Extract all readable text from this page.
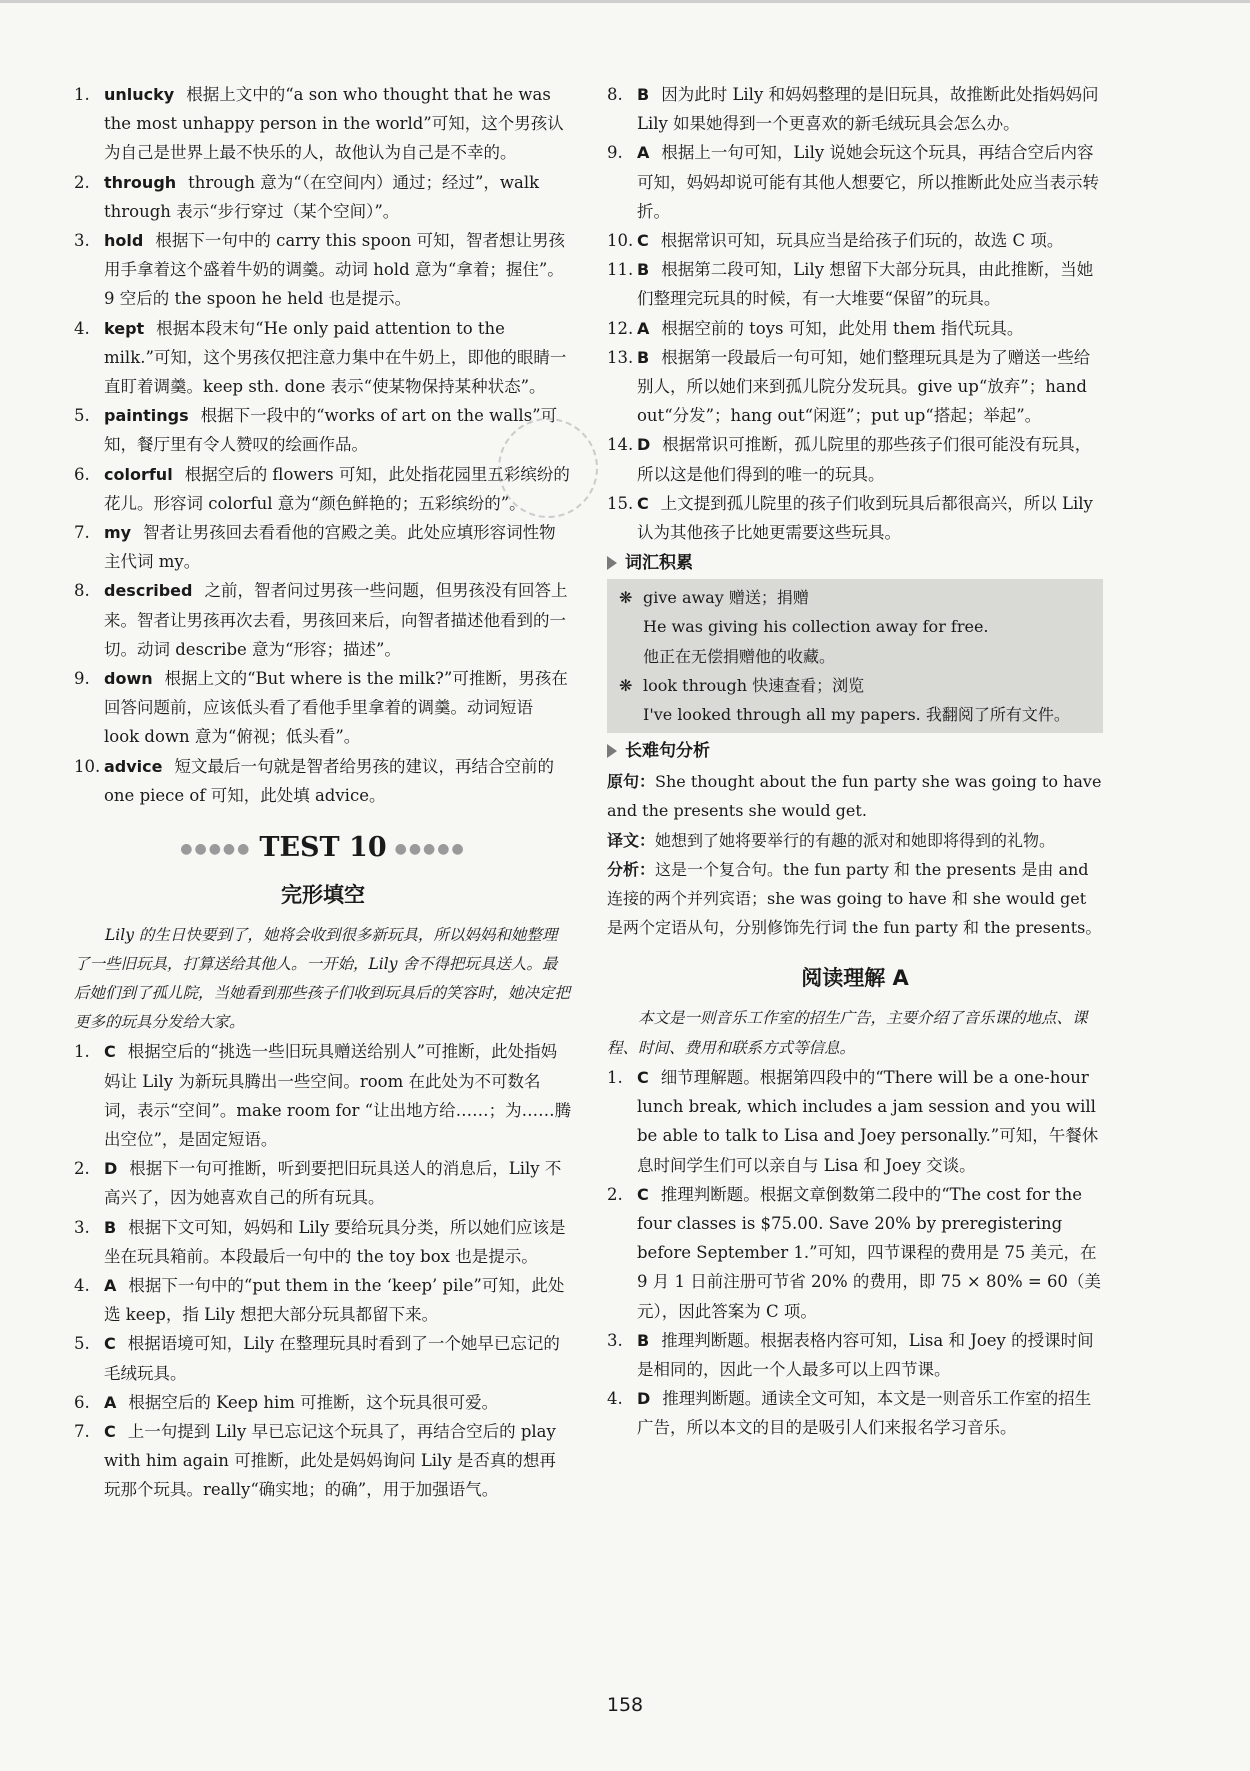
1. unlucky 根据上文中的“a son who thought that he was the most unhappy person in the world”可知，这个男孩认为自己是世界上最不快乐的人，故他认为自己是不幸的。

2. through through 意为“（在空间内）通过；经过”，walk through 表示“步行穿过（某个空间）”。

3. hold 根据下一句中的 carry this spoon 可知，智者想让男孩用手拿着这个盛着牛奶的调羹。动词 hold 意为“拿着；握住”。9 空后的 the spoon he held 也是提示。

4. kept 根据本段末句“He only paid attention to the milk.”可知，这个男孩仅把注意力集中在牛奶上，即他的眼睛一直盯着调羹。keep sth. done 表示“使某物保持某种状态”。

5. paintings 根据下一段中的“works of art on the walls”可知，餐厅里有令人赞叹的绘画作品。

6. colorful 根据空后的 flowers 可知，此处指花园里五彩缤纷的花儿。形容词 colorful 意为“颜色鲜艳的；五彩缤纷的”。

7. my 智者让男孩回去看看他的宫殿之美。此处应填形容词性物主代词 my。

8. described 之前，智者问过男孩一些问题，但男孩没有回答上来。智者让男孩再次去看，男孩回来后，向智者描述他看到的一切。动词 describe 意为“形容；描述”。

9. down 根据上文的“But where is the milk?”可推断，男孩在回答问题前，应该低头看了看他手里拿着的调羹。动词短语 look down 意为“俯视；低头看”。

10. advice 短文最后一句就是智者给男孩的建议，再结合空前的 one piece of 可知，此处填 advice。

●●●●● TEST 10 ●●●●●
完形填空

Lily 的生日快要到了，她将会收到很多新玩具，所以妈妈和她整理了一些旧玩具，打算送给其他人。一开始，Lily 舍不得把玩具送人。最后她们到了孤儿院，当她看到那些孩子们收到玩具后的笑容时，她决定把更多的玩具分发给大家。

1. C 根据空后的“挑选一些旧玩具赠送给别人”可推断，此处指妈妈让 Lily 为新玩具腾出一些空间。room 在此处为不可数名词，表示“空间”。make room for “让出地方给……；为……腾出空位”，是固定短语。

2. D 根据下一句可推断，听到要把旧玩具送人的消息后，Lily 不高兴了，因为她喜欢自己的所有玩具。

3. B 根据下文可知，妈妈和 Lily 要给玩具分类，所以她们应该是坐在玩具箱前。本段最后一句中的 the toy box 也是提示。

4. A 根据下一句中的“put them in the ‘keep’ pile”可知，此处选 keep，指 Lily 想把大部分玩具都留下来。

5. C 根据语境可知，Lily 在整理玩具时看到了一个她早已忘记的毛绒玩具。

6. A 根据空后的 Keep him 可推断，这个玩具很可爱。

7. C 上一句提到 Lily 早已忘记这个玩具了，再结合空后的 play with him again 可推断，此处是妈妈询问 Lily 是否真的想再玩那个玩具。really“确实地；的确”，用于加强语气。

8. B 因为此时 Lily 和妈妈整理的是旧玩具，故推断此处指妈妈问 Lily 如果她得到一个更喜欢的新毛绒玩具会怎么办。

9. A 根据上一句可知，Lily 说她会玩这个玩具，再结合空后内容可知，妈妈却说可能有其他人想要它，所以推断此处应当表示转折。

10. C 根据常识可知，玩具应当是给孩子们玩的，故选 C 项。

11. B 根据第二段可知，Lily 想留下大部分玩具，由此推断，当她们整理完玩具的时候，有一大堆要“保留”的玩具。

12. A 根据空前的 toys 可知，此处用 them 指代玩具。

13. B 根据第一段最后一句可知，她们整理玩具是为了赠送一些给别人，所以她们来到孤儿院分发玩具。give up“放弃”；hand out“分发”；hang out“闲逛”；put up“搭起；举起”。

14. D 根据常识可推断，孤儿院里的那些孩子们很可能没有玩具，所以这是他们得到的唯一的玩具。

15. C 上文提到孤儿院里的孩子们收到玩具后都很高兴，所以 Lily 认为其他孩子比她更需要这些玩具。

词汇积累

❋ give away 赠送；捐赠

He was giving his collection away for free.

他正在无偿捐赠他的收藏。

❋ look through 快速查看；浏览

I've looked through all my papers. 我翻阅了所有文件。

长难句分析

原句：She thought about the fun party she was going to have and the presents she would get.

译文：她想到了她将要举行的有趣的派对和她即将得到的礼物。

分析：这是一个复合句。the fun party 和 the presents 是由 and 连接的两个并列宾语；she was going to have 和 she would get 是两个定语从句，分别修饰先行词 the fun party 和 the presents。

阅读理解 A

本文是一则音乐工作室的招生广告，主要介绍了音乐课的地点、课程、时间、费用和联系方式等信息。

1. C 细节理解题。根据第四段中的“There will be a one-hour lunch break, which includes a jam session and you will be able to talk to Lisa and Joey personally.”可知，午餐休息时间学生们可以亲自与 Lisa 和 Joey 交谈。

2. C 推理判断题。根据文章倒数第二段中的“The cost for the four classes is $75.00. Save 20% by preregistering before September 1.”可知，四节课程的费用是 75 美元，在 9 月 1 日前注册可节省 20% 的费用，即 75 × 80% = 60（美元），因此答案为 C 项。

3. B 推理判断题。根据表格内容可知，Lisa 和 Joey 的授课时间是相同的，因此一个人最多可以上四节课。

4. D 推理判断题。通读全文可知，本文是一则音乐工作室的招生广告，所以本文的目的是吸引人们来报名学习音乐。

158
